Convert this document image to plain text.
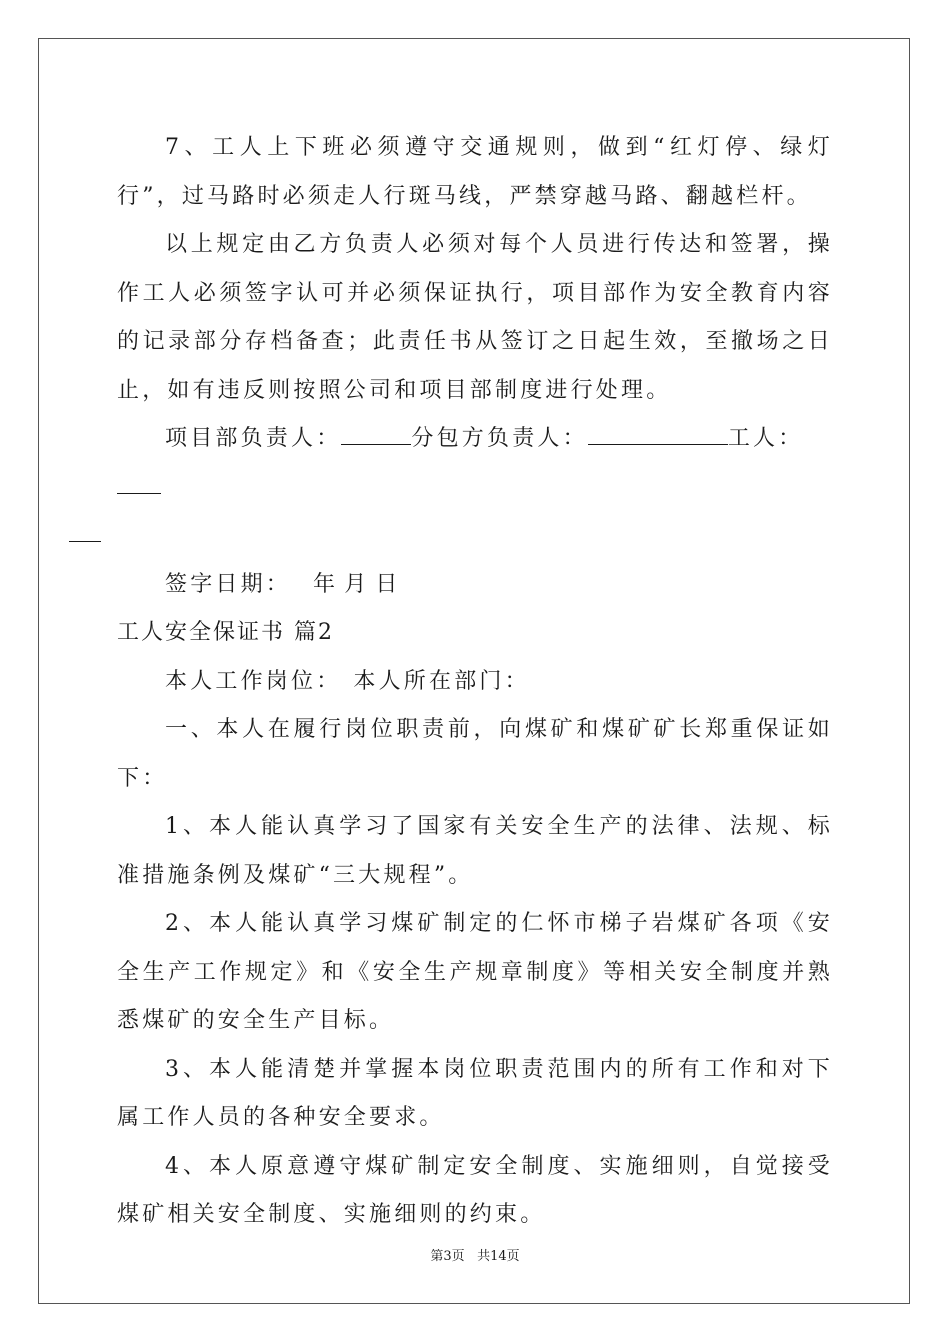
7、工人上下班必须遵守交通规则，做到“红灯停、绿灯行”，过马路时必须走人行斑马线，严禁穿越马路、翻越栏杆。

以上规定由乙方负责人必须对每个人员进行传达和签署，操作工人必须签字认可并必须保证执行，项目部作为安全教育内容的记录部分存档备查；此责任书从签订之日起生效，至撤场之日止，如有违反则按照公司和项目部制度进行处理。

项目部负责人：	分包方负责人：	工人：

签字日期： 年 月 日

工人安全保证书 篇2

本人工作岗位： 本人所在部门：

一、本人在履行岗位职责前，向煤矿和煤矿矿长郑重保证如下：

1、本人能认真学习了国家有关安全生产的法律、法规、标准措施条例及煤矿“三大规程”。

2、本人能认真学习煤矿制定的仁怀市梯子岩煤矿各项《安全生产工作规定》和《安全生产规章制度》等相关安全制度并熟悉煤矿的安全生产目标。

3、本人能清楚并掌握本岗位职责范围内的所有工作和对下属工作人员的各种安全要求。

4、本人原意遵守煤矿制定安全制度、实施细则，自觉接受煤矿相关安全制度、实施细则的约束。

第3页 共14页
